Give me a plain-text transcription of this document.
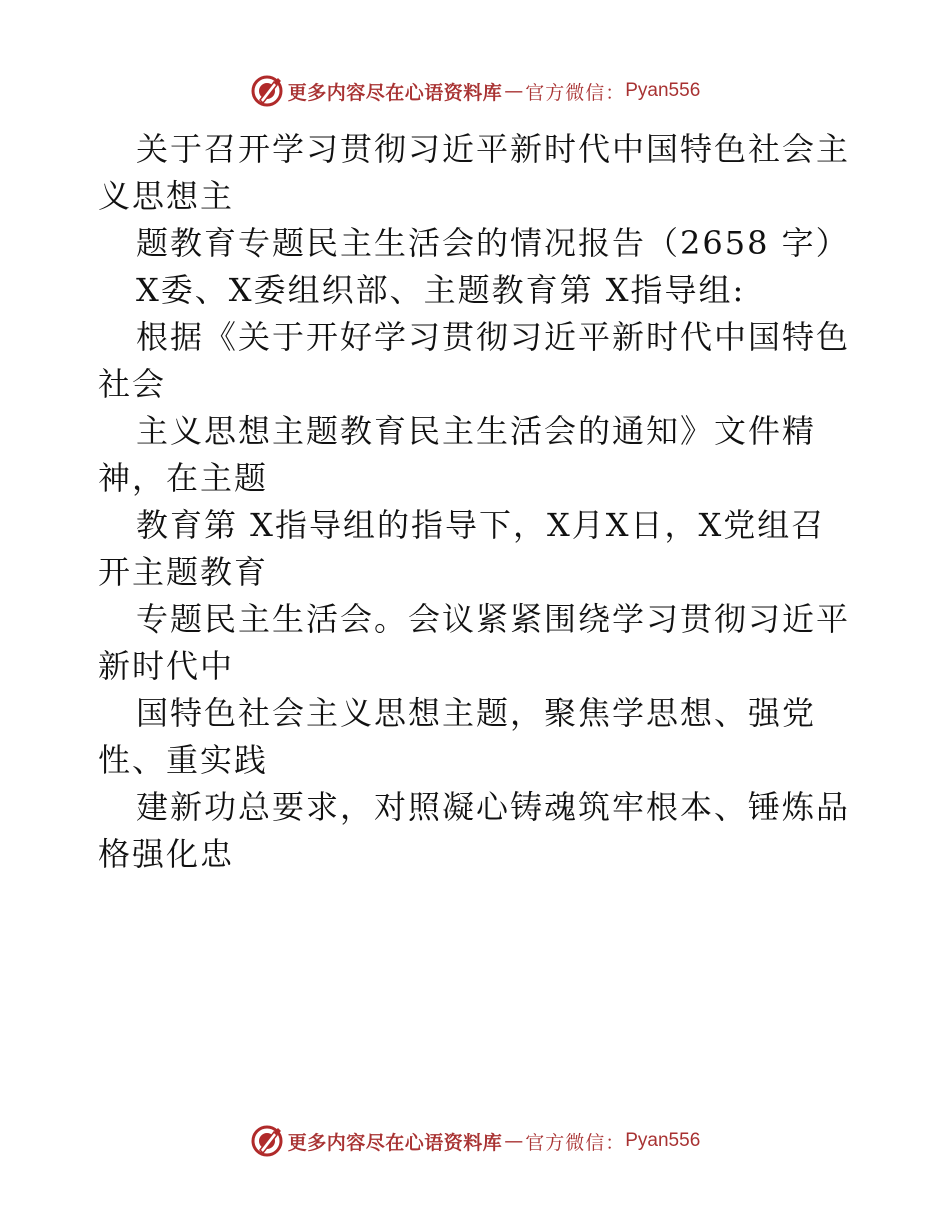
更多内容尽在心语资料库 — 官方微信： Pyan556
关于召开学习贯彻习近平新时代中国特色社会主
义思想主
题教育专题民主生活会的情况报告（2658 字）
X委、X委组织部、主题教育第 X指导组:
根据《关于开好学习贯彻习近平新时代中国特色
社会
主义思想主题教育民主生活会的通知》文件精
神，在主题
教育第 X指导组的指导下，X月X日，X党组召
开主题教育
专题民主生活会。会议紧紧围绕学习贯彻习近平
新时代中
国特色社会主义思想主题，聚焦学思想、强党
性、重实践
建新功总要求，对照凝心铸魂筑牢根本、锤炼品
格强化忠
更多内容尽在心语资料库 — 官方微信： Pyan556
